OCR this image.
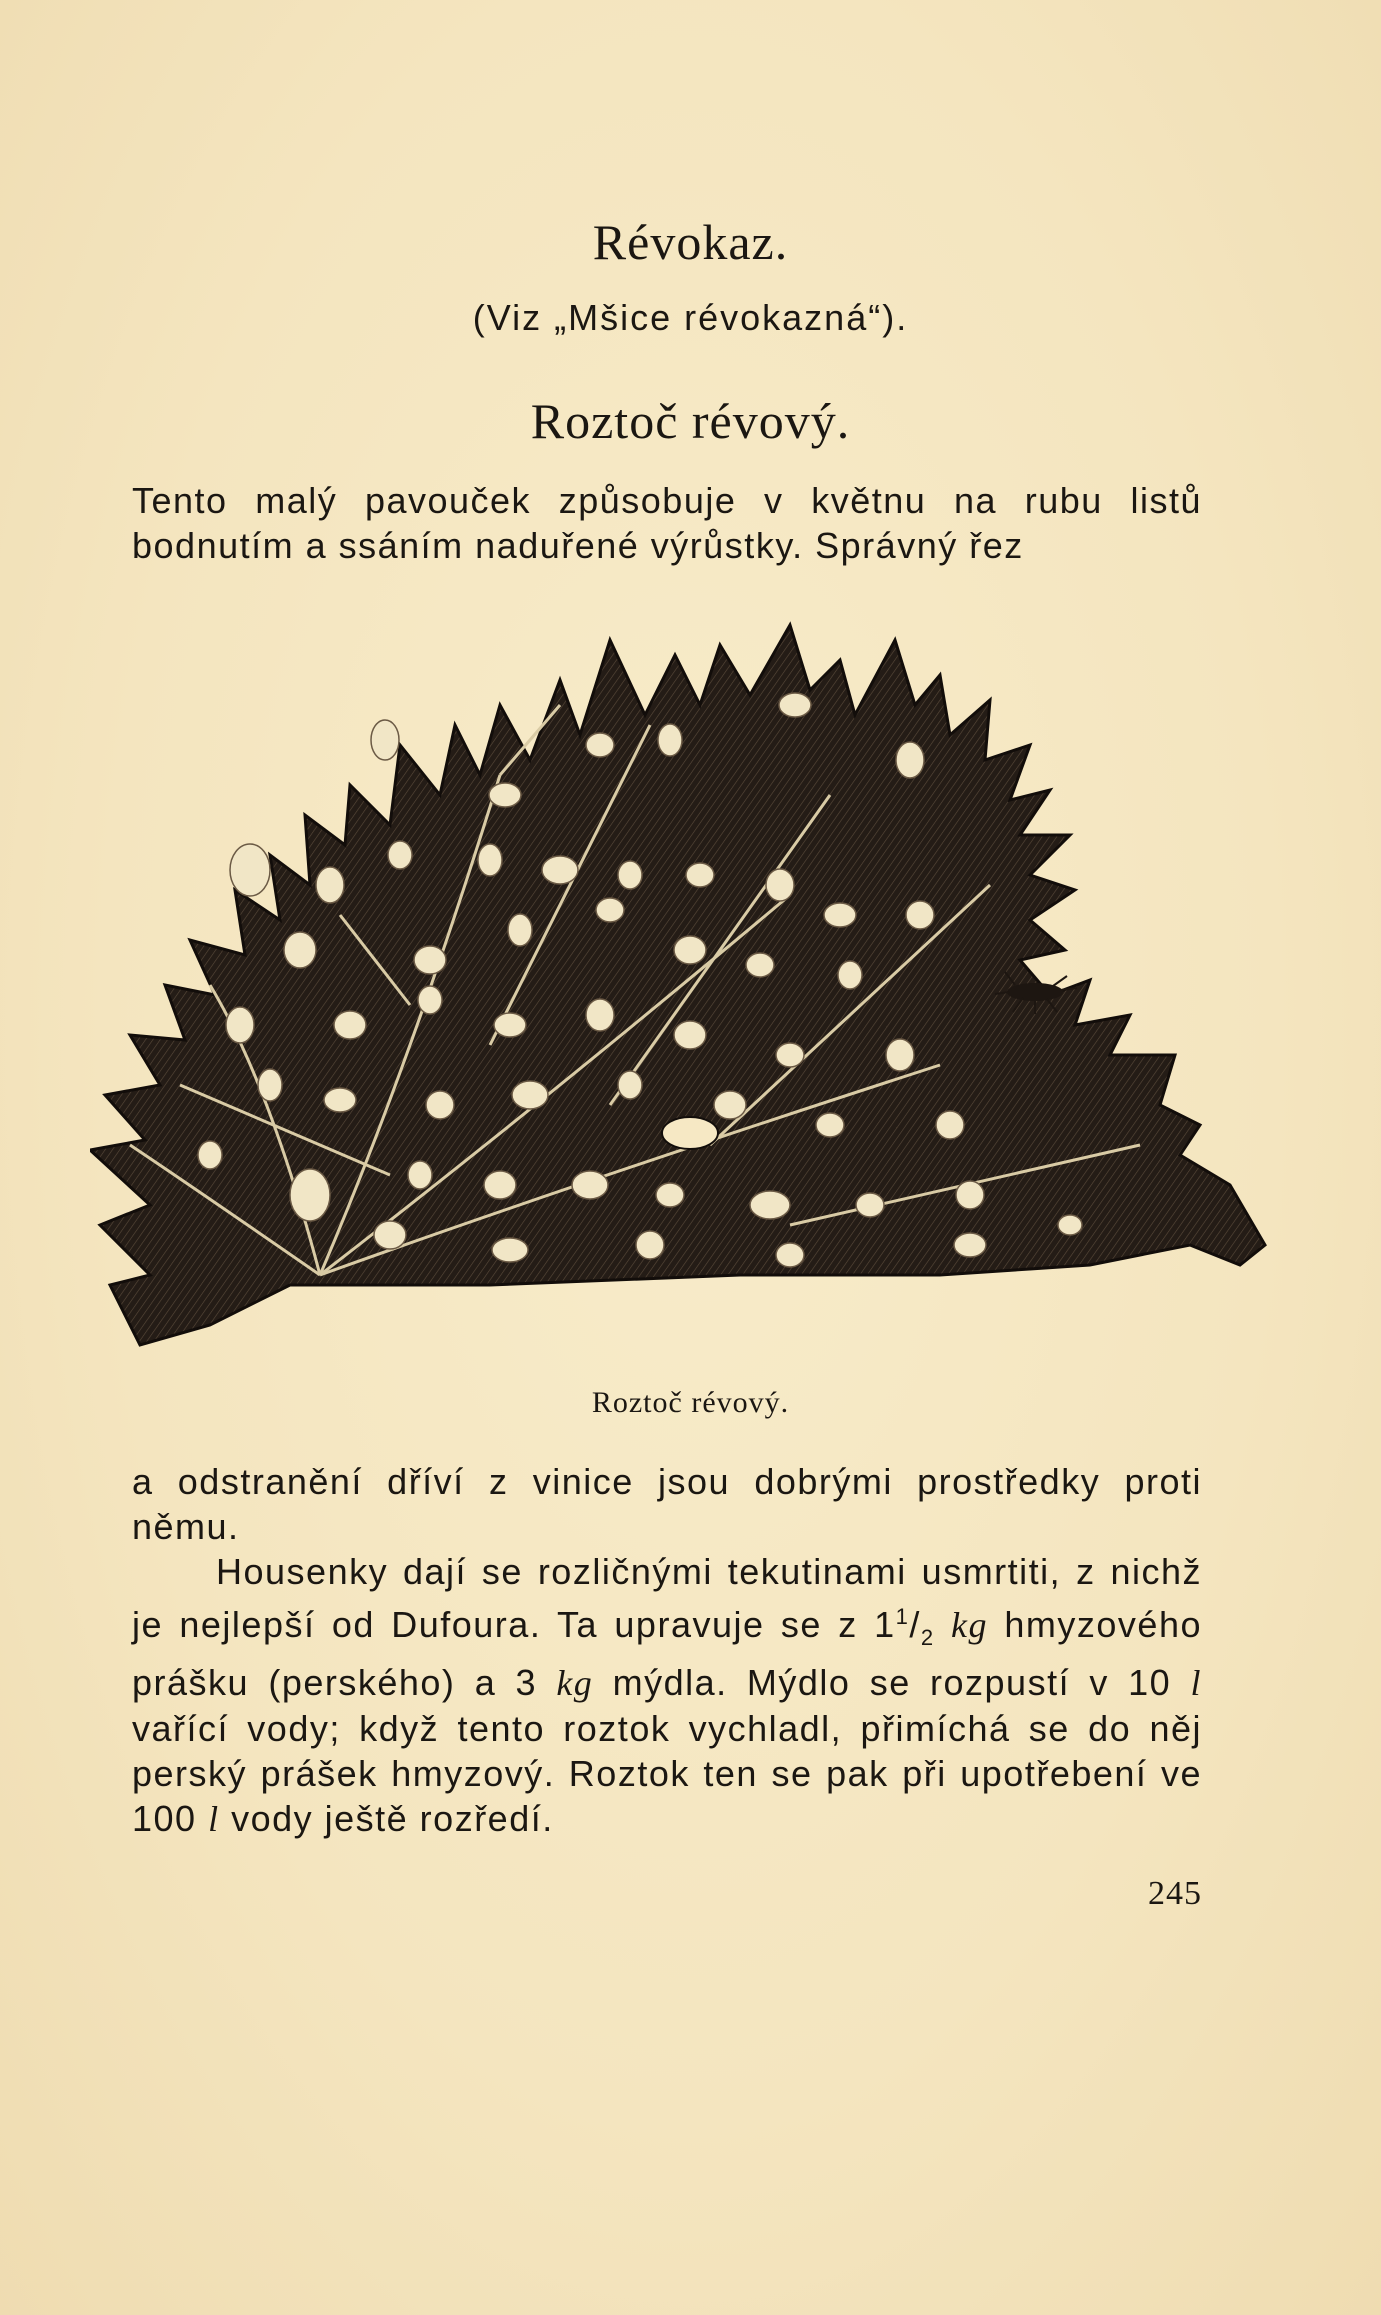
Révokaz.
(Viz „Mšice révokazná“).
Roztoč révový.
Tento malý pavouček způsobuje v květnu na rubu listů bodnutím a ssáním naduřené výrůstky. Správný řez
Roztoč révový.
a odstranění dříví z vinice jsou dobrými prostředky proti němu.
Housenky dají se rozličnými tekutinami usmrtiti, z nichž je nejlepší od Dufoura. Ta upravuje se z $1^1/_2$ kg hmyzového prášku (perského) a 3 kg mýdla. Mýdlo se rozpustí v 10 l vařící vody; když tento roztok vychladl, přimíchá se do něj perský prášek hmyzový. Roztok ten se pak při upotřebení ve 100 l vody ještě rozředí.
245
